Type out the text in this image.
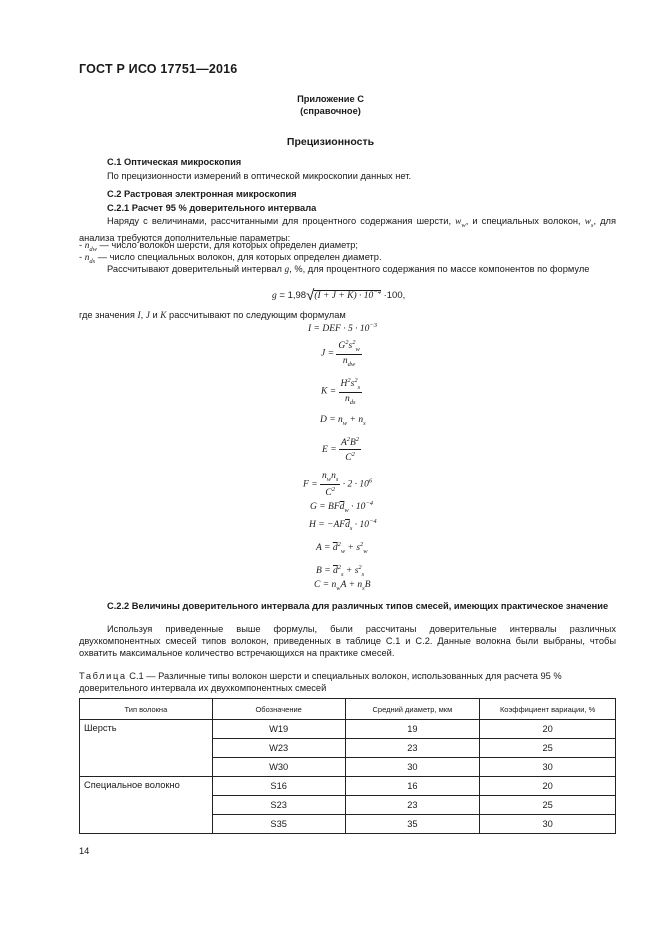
ГОСТ Р ИСО 17751—2016
Приложение C
(справочное)
Прецизионность
С.1 Оптическая микроскопия
По прецизионности измерений в оптической микроскопии данных нет.
С.2 Растровая электронная микроскопия
С.2.1 Расчет 95 % доверительного интервала
Наряду с величинами, рассчитанными для процентного содержания шерсти, $w_w$, и специальных волокон, $w_s$, для анализа требуются дополнительные параметры:
- $n_{dw}$ — число волокон шерсти, для которых определен диаметр;
- $n_{ds}$ — число специальных волокон, для которых определен диаметр.
Рассчитывают доверительный интервал g, %, для процентного содержания по массе компонентов по формуле
$g = 1,98√(I + J + K) \cdot 10^{-4} \cdot 100$,
где значения I, J и K рассчитывают по следующим формулам
I = DEF · $5 \cdot 10^{-3}$
$J = \frac{G^2s^2_w}{n_{dw}}$
$K = \frac{H^2s^2_s}{n_{ds}}$
$D = n_w + n_s$
$E = \frac{A^2B^2}{C^2}$
$F = \frac{n_wn_s}{C^2} \cdot 2 \cdot 10^6$
$G = BF\overline{d}_w \cdot 10^{-4}$
$H = -AF\overline{d}_s \cdot 10^{-4}$
$A = \overline{d}^2_w + s^2_w$
$B = \overline{d}^2_s + s^2_s$
$C = n_wA + n_sB$
С.2.2 Величины доверительного интервала для различных типов смесей, имеющих практическое значение
Используя приведенные выше формулы, были рассчитаны доверительные интервалы различных двухкомпонентных смесей типов волокон, приведенных в таблице С.1 и С.2. Данные волокна были выбраны, чтобы охватить максимальное количество встречающихся на практике смесей.
Таблица С.1 — Различные типы волокон шерсти и специальных волокон, использованных для расчета 95 % доверительного интервала их двухкомпонентных смесей
Тип волокна	Обозначение	Средний диаметр, мкм	Коэффициент вариации, %
Шерсть	W19	19	20
	W23	23	25
	W30	30	30
Специальное волокно	S16	16	20
	S23	23	25
	S35	35	30
14
